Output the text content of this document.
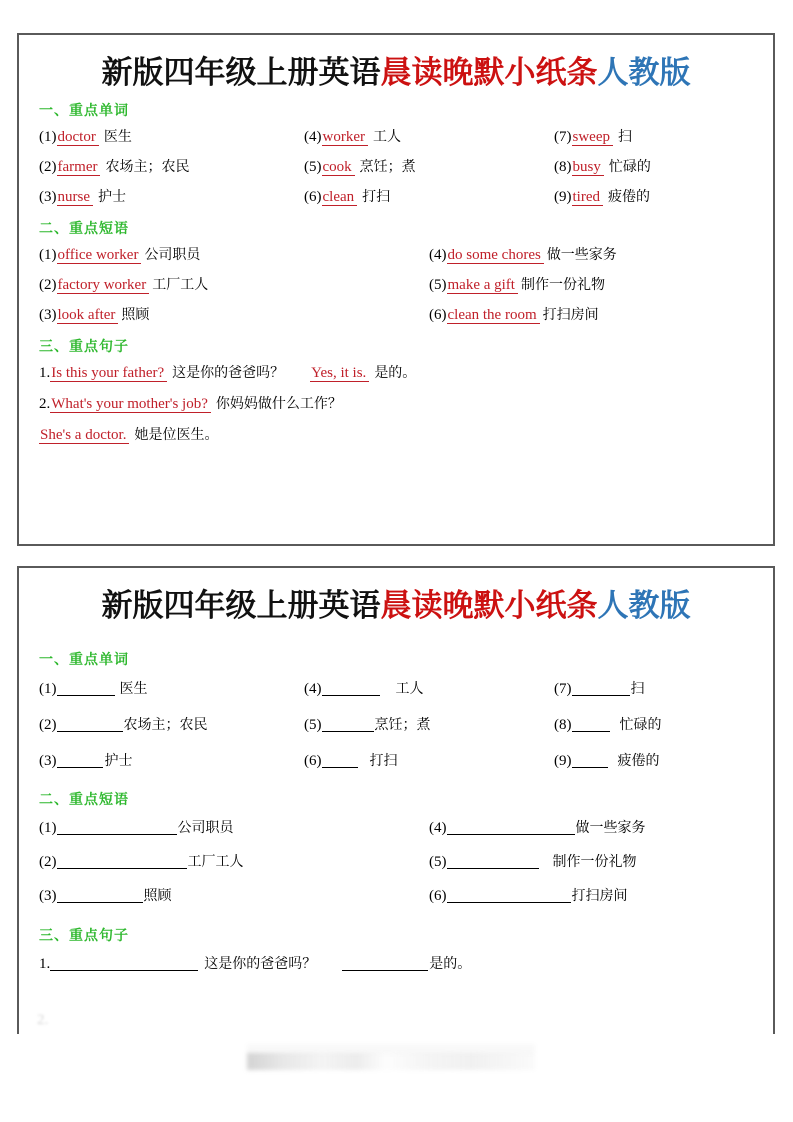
新版四年级上册英语晨读晚默小纸条人教版
一、重点单词
(1)doctor 医生	(4)worker 工人	(7)sweep 扫
(2)farmer 农场主；农民	(5)cook 烹饪；煮	(8)busy 忙碌的
(3)nurse 护士	(6)clean 打扫	(9)tired 疲倦的
二、重点短语
(1)office worker 公司职员	(4)do some chores 做一些家务
(2)factory worker 工厂工人	(5)make a gift 制作一份礼物
(3)look after 照顾	(6)clean the room 打扫房间
三、重点句子
1.Is this your father? 这是你的爸爸吗？ Yes, it is. 是的。
2.What's your mother's job? 你妈妈做什么工作？
She's a doctor. 她是位医生。
新版四年级上册英语晨读晚默小纸条人教版
一、重点单词
(1)	医生	(4)	工人	(7)	扫
(2)	农场主；农民	(5)	烹饪；煮	(8)	忙碌的
(3)	护士	(6)	打扫	(9)	疲倦的
二、重点短语
(1)	公司职员	(4)	做一些家务
(2)	工厂工人	(5)	制作一份礼物
(3)	照顾	(6)	打扫房间
三、重点句子
1.	这是你的爸爸吗？	是的。
2.
